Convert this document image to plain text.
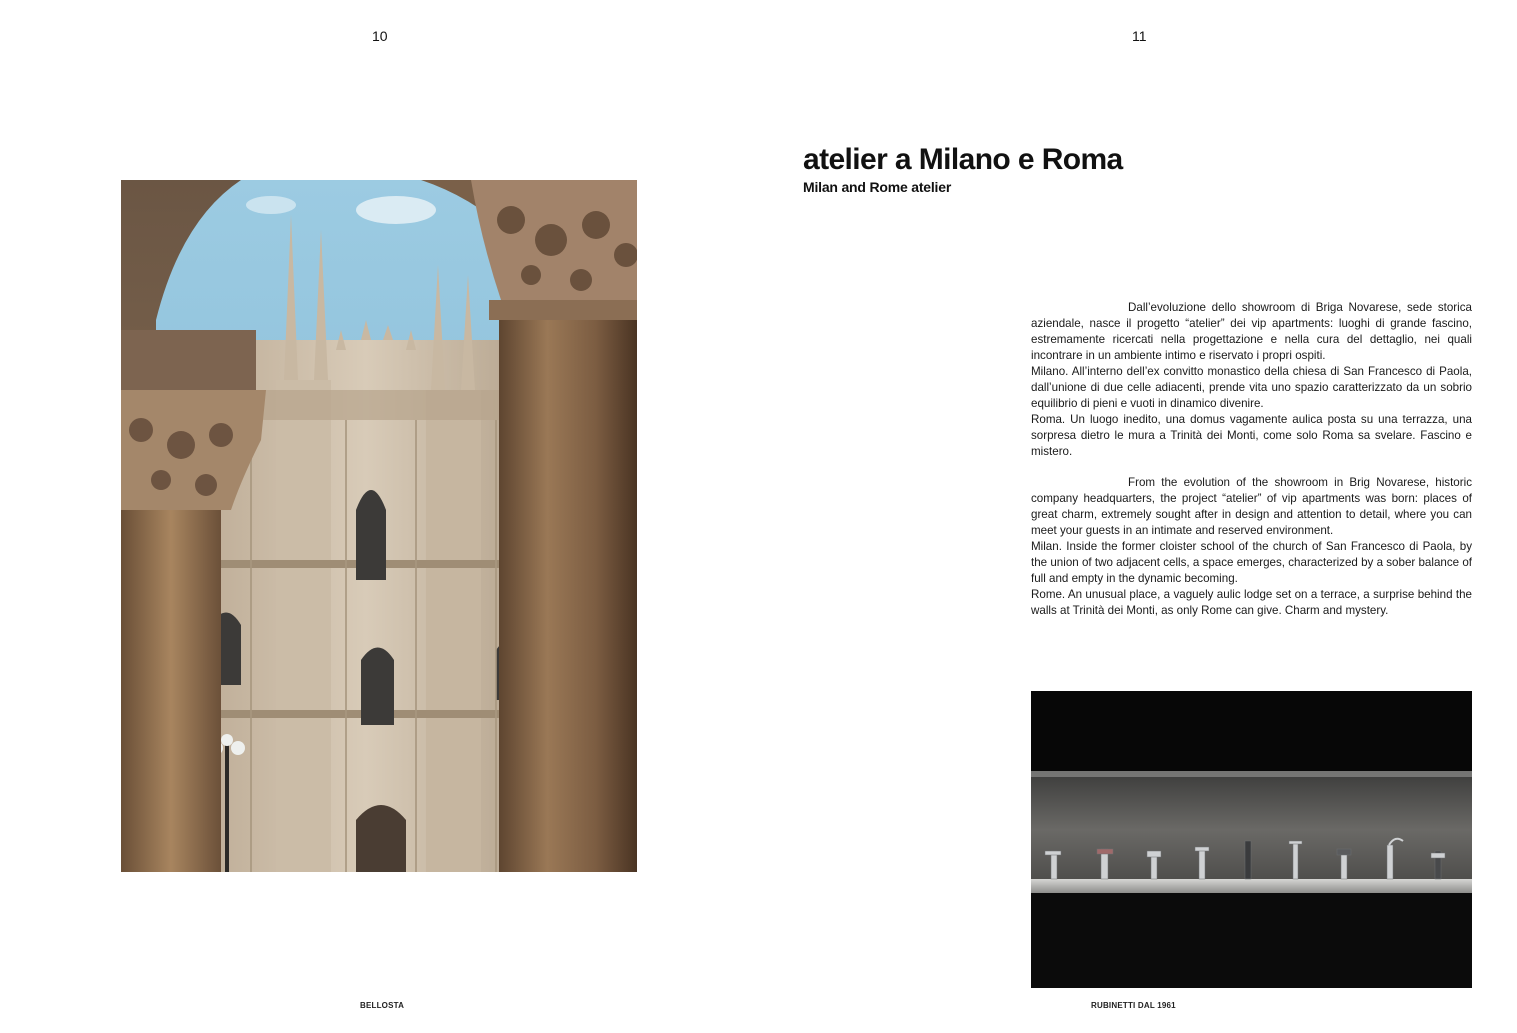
10	11
atelier a Milano e Roma
Milan and Rome atelier

Dall’evoluzione dello showroom di Briga Novarese, sede storica aziendale, nasce il progetto “atelier” dei vip apartments: luoghi di grande fascino, estremamente ricercati nella progettazione e nella cura del dettaglio, nei quali incontrare in un ambiente intimo e riservato i propri ospiti.

Milano. All’interno dell’ex convitto monastico della chiesa di San Francesco di Paola, dall’unione di due celle adiacenti, prende vita uno spazio caratterizzato da un sobrio equilibrio di pieni e vuoti in dinamico divenire.

Roma. Un luogo inedito, una domus vagamente aulica posta su una terrazza, una sorpresa dietro le mura a Trinità dei Monti, come solo Roma sa svelare. Fascino e mistero.

From the evolution of the showroom in Brig Novarese, historic company headquarters, the project “atelier” of vip apartments was born: places of great charm, extremely sought after in design and attention to detail, where you can meet your guests in an intimate and reserved environment.

Milan. Inside the former cloister school of the church of San Francesco di Paola, by the union of two adjacent cells, a space emerges, characterized by a sober balance of full and empty in the dynamic becoming.

Rome. An unusual place, a vaguely aulic lodge set on a terrace, a surprise behind the walls at Trinità dei Monti, as only Rome can give. Charm and mystery.

BELLOSTA	RUBINETTI DAL 1961
